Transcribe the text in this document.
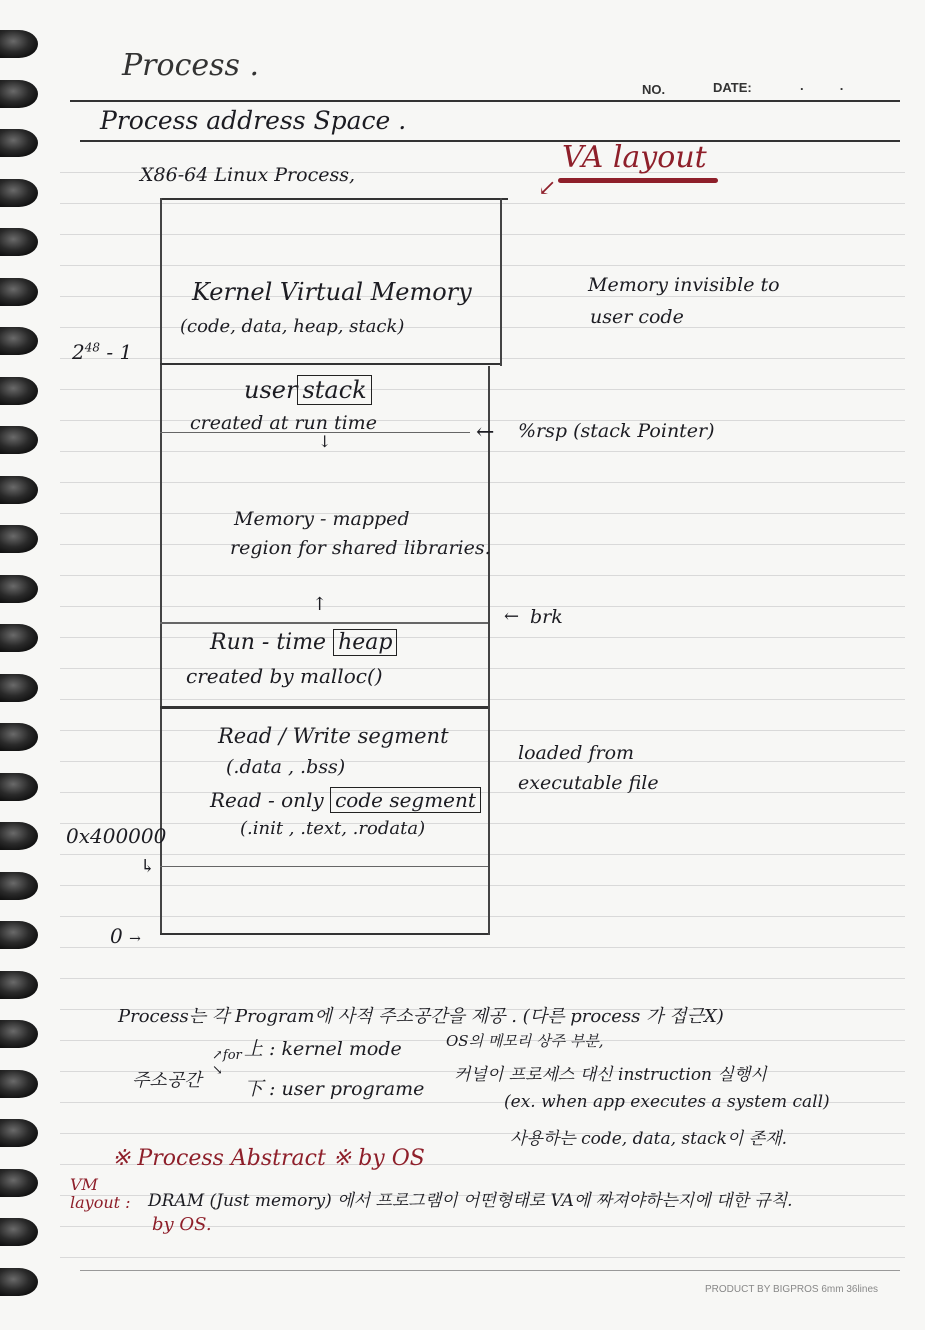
Process .
NO.	DATE:	.          .
Process address Space .
X86-64 Linux Process,	VA layout
↙
Kernel Virtual Memory
(code, data, heap, stack)
user stack
created at run time
↓
Memory - mapped
region for shared libraries.
↑
Run - time heap
created by malloc()
Read / Write segment
(.data , .bss)
Read - only code segment
(.init , .text, .rodata)
$2^{48} - 1$
0x400000
↳
0 →
Memory invisible to
user code
← %rsp (stack Pointer)
← brk
loaded from
executable file
Process는 각 Program에 사적 주소공간을 제공 . (다른 process 가 접근X)
주소공간
↗for
↘
上 : kernel mode
下 : user programe
OS의 메모리 상주 부분,
커널이 프로세스 대신 instruction 실행시
(ex. when app executes a system call)
사용하는 code, data, stack이 존재.
※ Process Abstract ※ by OS
VM layout :	DRAM (Just memory) 에서 프로그램이 어떤형태로 VA에 짜져야하는지에 대한 규칙.
by OS.
PRODUCT BY BIGPROS 6mm 36lines
